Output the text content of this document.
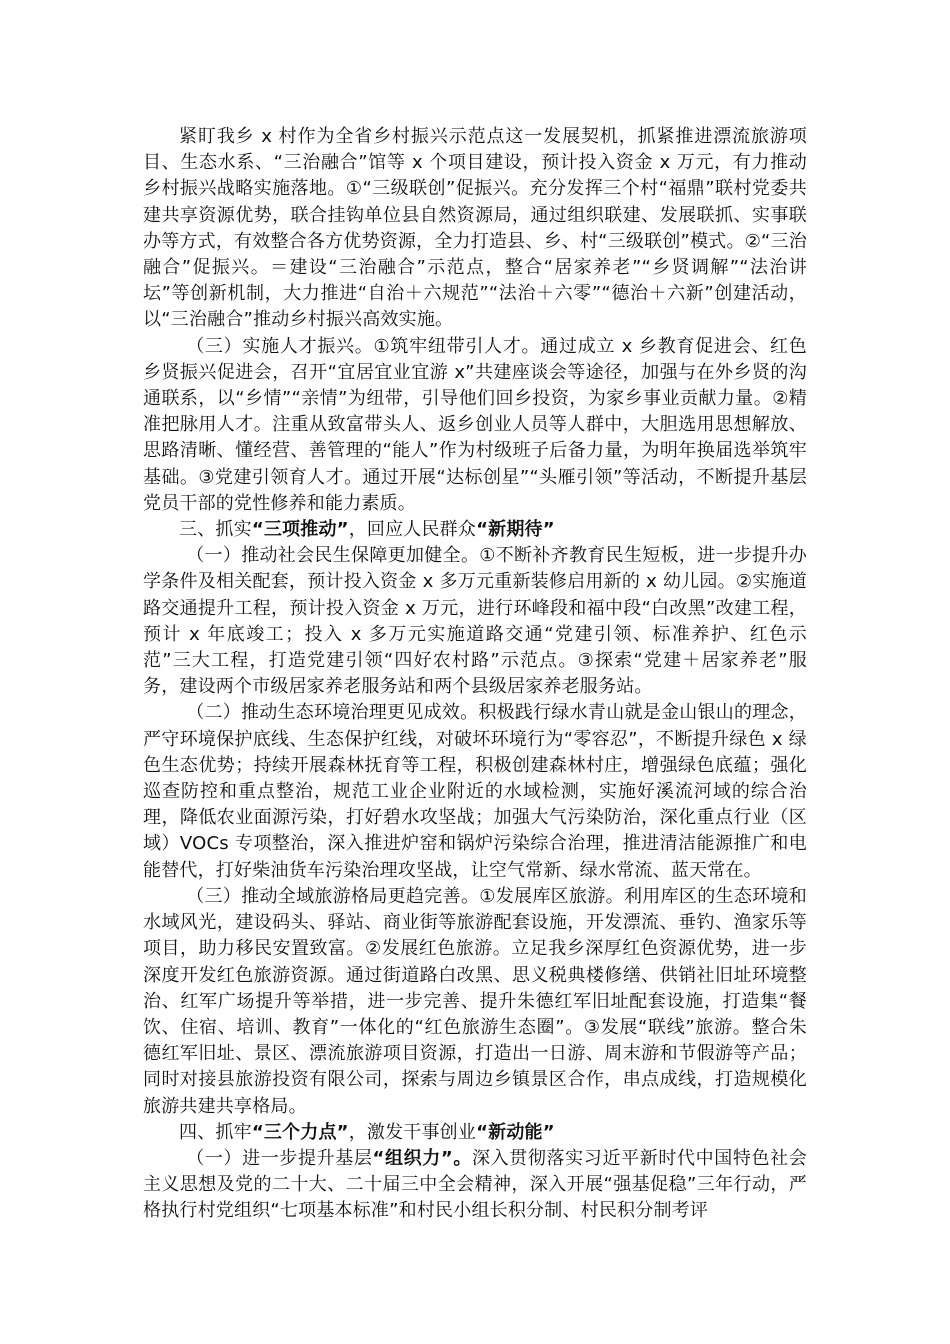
紧盯我乡 x 村作为全省乡村振兴示范点这一发展契机，抓紧推进漂流旅游项目、生态水系、“三治融合”馆等 x 个项目建设，预计投入资金 x 万元，有力推动乡村振兴战略实施落地。①“三级联创”促振兴。充分发挥三个村“福鼎”联村党委共建共享资源优势，联合挂钩单位县自然资源局，通过组织联建、发展联抓、实事联办等方式，有效整合各方优势资源，全力打造县、乡、村“三级联创”模式。②“三治融合”促振兴。＝建设“三治融合”示范点，整合“居家养老”“乡贤调解”“法治讲坛”等创新机制，大力推进“自治＋六规范”“法治＋六零”“德治＋六新”创建活动，以“三治融合”推动乡村振兴高效实施。

（三）实施人才振兴。①筑牢纽带引人才。通过成立 x 乡教育促进会、红色乡贤振兴促进会，召开“宜居宜业宜游 x”共建座谈会等途径，加强与在外乡贤的沟通联系，以“乡情”“亲情”为纽带，引导他们回乡投资，为家乡事业贡献力量。②精准把脉用人才。注重从致富带头人、返乡创业人员等人群中，大胆选用思想解放、思路清晰、懂经营、善管理的“能人”作为村级班子后备力量，为明年换届选举筑牢基础。③党建引领育人才。通过开展“达标创星”“头雁引领”等活动，不断提升基层党员干部的党性修养和能力素质。

三、抓实“三项推动”，回应人民群众“新期待”

（一）推动社会民生保障更加健全。①不断补齐教育民生短板，进一步提升办学条件及相关配套，预计投入资金 x 多万元重新装修启用新的 x 幼儿园。②实施道路交通提升工程，预计投入资金 x 万元，进行环峰段和福中段“白改黑”改建工程，预计 x 年底竣工；投入 x 多万元实施道路交通“党建引领、标准养护、红色示范”三大工程，打造党建引领“四好农村路”示范点。③探索“党建＋居家养老”服务，建设两个市级居家养老服务站和两个县级居家养老服务站。

（二）推动生态环境治理更见成效。积极践行绿水青山就是金山银山的理念，严守环境保护底线、生态保护红线，对破坏环境行为“零容忍”，不断提升绿色 x 绿色生态优势；持续开展森林抚育等工程，积极创建森林村庄，增强绿色底蕴；强化巡查防控和重点整治，规范工业企业附近的水域检测，实施好溪流河域的综合治理，降低农业面源污染，打好碧水攻坚战；加强大气污染防治，深化重点行业（区域）VOCs 专项整治，深入推进炉窑和锅炉污染综合治理，推进清洁能源推广和电能替代，打好柴油货车污染治理攻坚战，让空气常新、绿水常流、蓝天常在。

（三）推动全域旅游格局更趋完善。①发展库区旅游。利用库区的生态环境和水域风光，建设码头、驿站、商业街等旅游配套设施，开发漂流、垂钓、渔家乐等项目，助力移民安置致富。②发展红色旅游。立足我乡深厚红色资源优势，进一步深度开发红色旅游资源。通过街道路白改黑、思义税典楼修缮、供销社旧址环境整治、红军广场提升等举措，进一步完善、提升朱德红军旧址配套设施，打造集“餐饮、住宿、培训、教育”一体化的“红色旅游生态圈”。③发展“联线”旅游。整合朱德红军旧址、景区、漂流旅游项目资源，打造出一日游、周末游和节假游等产品；同时对接县旅游投资有限公司，探索与周边乡镇景区合作，串点成线，打造规模化旅游共建共享格局。

四、抓牢“三个力点”，激发干事创业“新动能”

（一）进一步提升基层“组织力”。深入贯彻落实习近平新时代中国特色社会主义思想及党的二十大、二十届三中全会精神，深入开展“强基促稳”三年行动，严格执行村党组织“七项基本标准”和村民小组长积分制、村民积分制考评
